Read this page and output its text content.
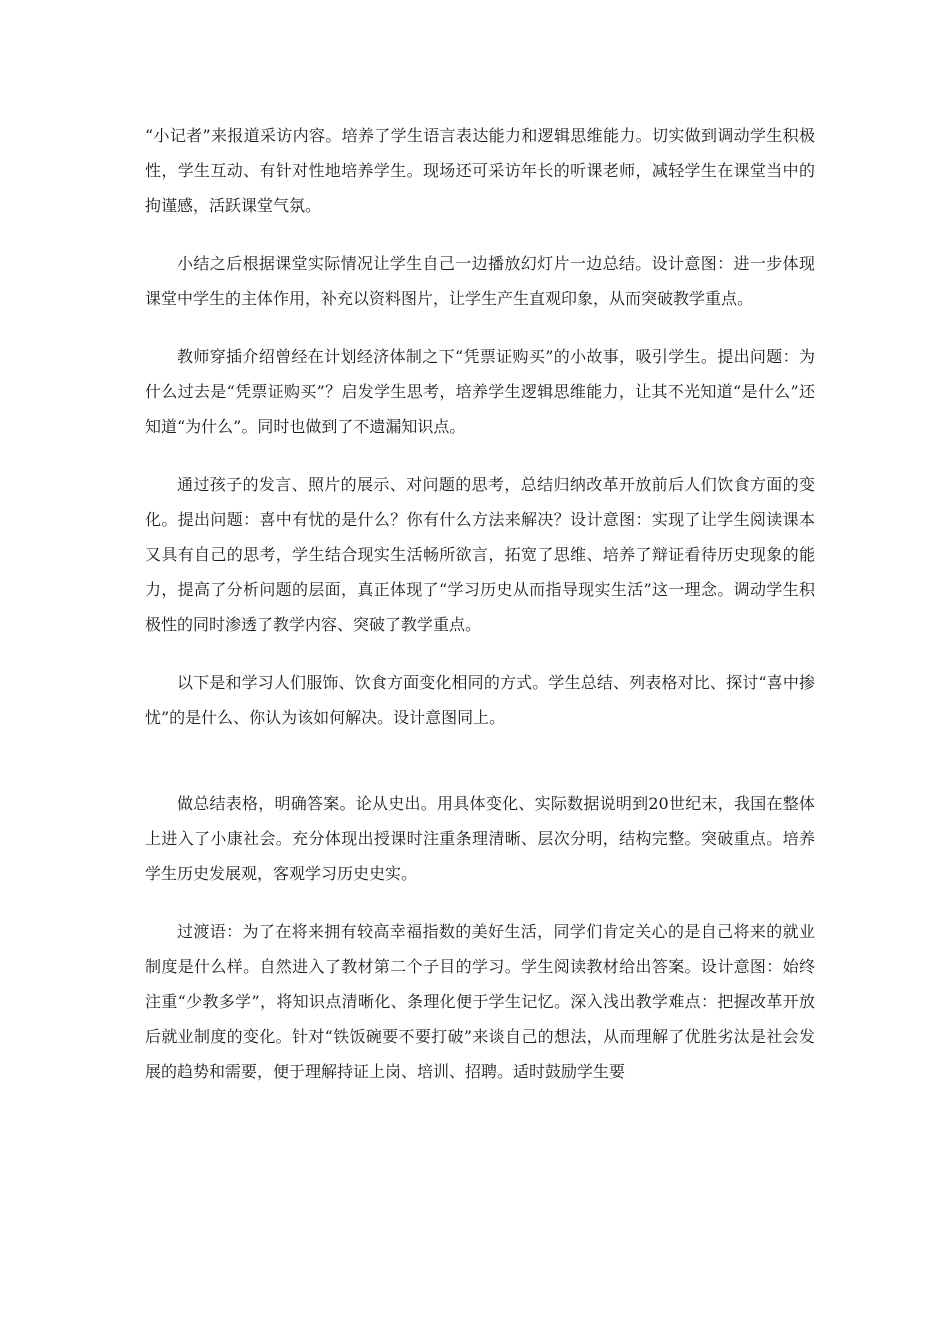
“小记者”来报道采访内容。培养了学生语言表达能力和逻辑思维能力。切实做到调动学生积极性，学生互动、有针对性地培养学生。现场还可采访年长的听课老师，减轻学生在课堂当中的拘谨感，活跃课堂气氛。

小结之后根据课堂实际情况让学生自己一边播放幻灯片一边总结。设计意图：进一步体现课堂中学生的主体作用，补充以资料图片，让学生产生直观印象，从而突破教学重点。

教师穿插介绍曾经在计划经济体制之下“凭票证购买”的小故事，吸引学生。提出问题：为什么过去是“凭票证购买”？启发学生思考，培养学生逻辑思维能力，让其不光知道“是什么”还知道“为什么”。同时也做到了不遗漏知识点。

通过孩子的发言、照片的展示、对问题的思考，总结归纳改革开放前后人们饮食方面的变化。提出问题：喜中有忧的是什么？你有什么方法来解决？设计意图：实现了让学生阅读课本又具有自己的思考，学生结合现实生活畅所欲言，拓宽了思维、培养了辩证看待历史现象的能力，提高了分析问题的层面，真正体现了“学习历史从而指导现实生活”这一理念。调动学生积极性的同时渗透了教学内容、突破了教学重点。

以下是和学习人们服饰、饮食方面变化相同的方式。学生总结、列表格对比、探讨“喜中掺忧”的是什么、你认为该如何解决。设计意图同上。

做总结表格，明确答案。论从史出。用具体变化、实际数据说明到20世纪末，我国在整体上进入了小康社会。充分体现出授课时注重条理清晰、层次分明，结构完整。突破重点。培养学生历史发展观，客观学习历史史实。

过渡语：为了在将来拥有较高幸福指数的美好生活，同学们肯定关心的是自己将来的就业制度是什么样。自然进入了教材第二个子目的学习。学生阅读教材给出答案。设计意图：始终注重“少教多学”，将知识点清晰化、条理化便于学生记忆。深入浅出教学难点：把握改革开放后就业制度的变化。针对“铁饭碗要不要打破”来谈自己的想法，从而理解了优胜劣汰是社会发展的趋势和需要，便于理解持证上岗、培训、招聘。适时鼓励学生要
